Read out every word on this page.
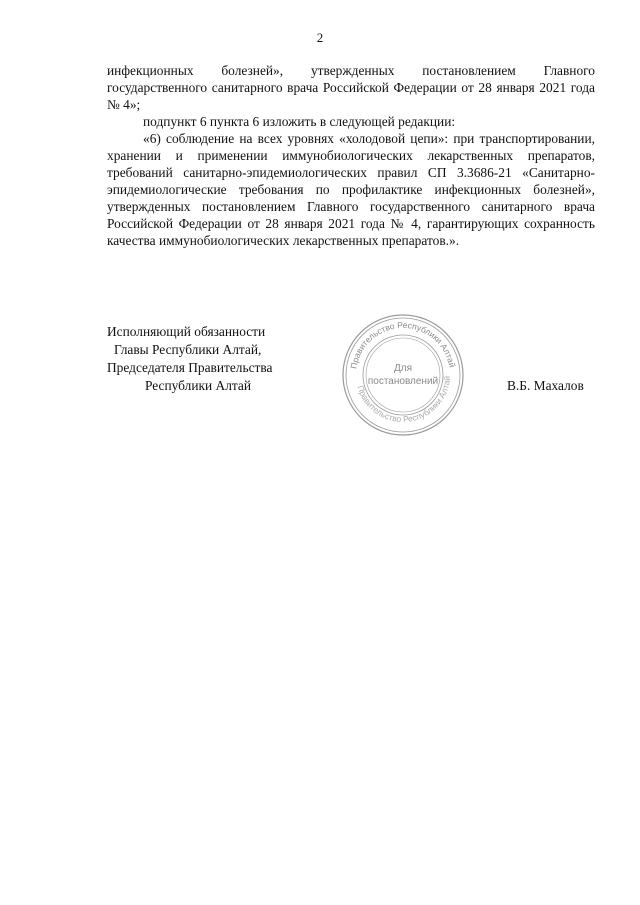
2

инфекционных болезней», утвержденных постановлением Главного государственного санитарного врача Российской Федерации от 28 января 2021 года № 4»;

подпункт 6 пункта 6 изложить в следующей редакции:

«6) соблюдение на всех уровнях «холодовой цепи»: при транспортировании, хранении и применении иммунобиологических лекарственных препаратов, требований санитарно-эпидемиологических правил СП 3.3686-21 «Санитарно-эпидемиологические требования по профилактике инфекционных болезней», утвержденных постановлением Главного государственного санитарного врача Российской Федерации от 28 января 2021 года № 4, гарантирующих сохранность качества иммунобиологических лекарственных препаратов.».

Исполняющий обязанности
Главы Республики Алтай,
Председателя Правительства
Республики Алтай
Правительство Республики Алтай
Правительство Республики Алтай
Для
постановлений	В.Б. Махалов
